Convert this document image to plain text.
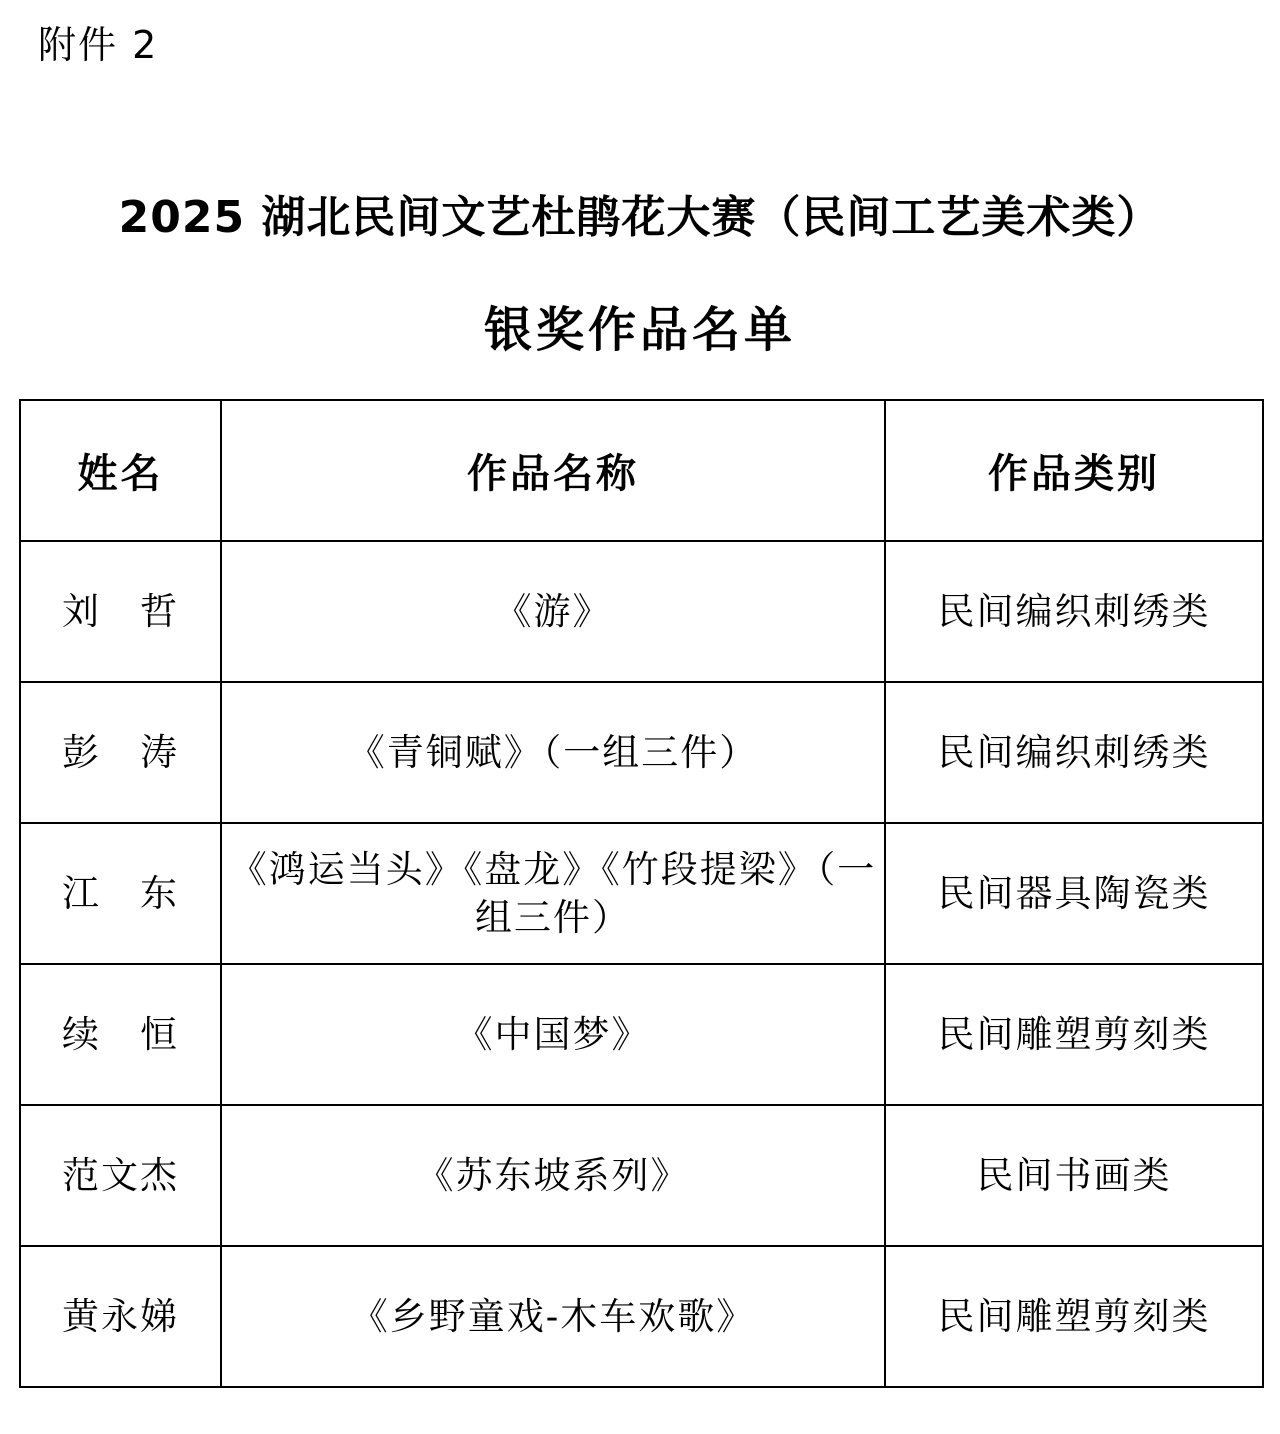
附件 2
2025 湖北民间文艺杜鹃花大赛（民间工艺美术类）
银奖作品名单
姓名	作品名称	作品类别
刘　哲	《游》	民间编织刺绣类
彭　涛	《青铜赋》（一组三件）	民间编织刺绣类
江　东	《鸿运当头》《盘龙》《竹段提梁》（一组三件）	民间器具陶瓷类
续　恒	《中国梦》	民间雕塑剪刻类
范文杰	《苏东坡系列》	民间书画类
黄永娣	《乡野童戏-木车欢歌》	民间雕塑剪刻类
